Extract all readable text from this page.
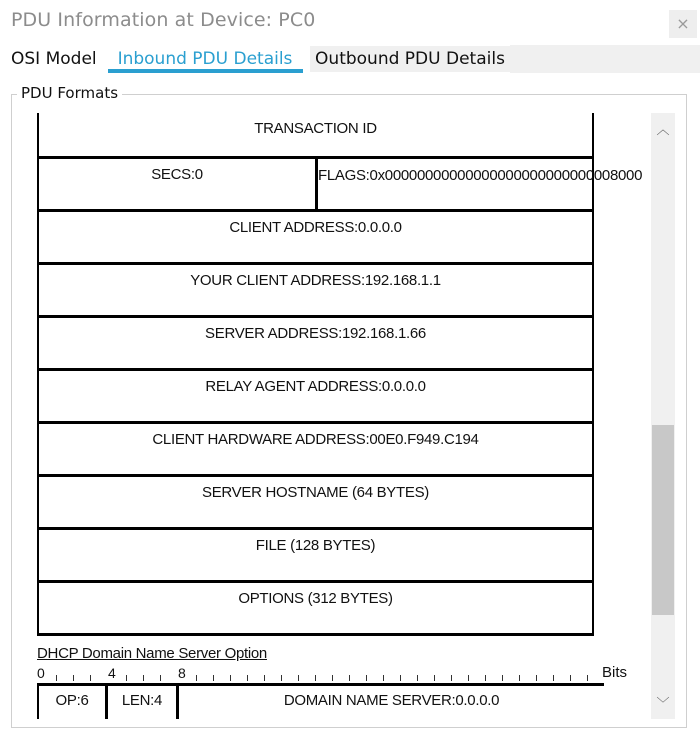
PDU Information at Device: PC0	×
OSI Model	Inbound PDU Details	Outbound PDU Details
PDU Formats
TRANSACTION ID
SECS:0	FLAGS:0x00000000000000000000000000008000
CLIENT ADDRESS:0.0.0.0
YOUR CLIENT ADDRESS:192.168.1.1
SERVER ADDRESS:192.168.1.66
RELAY AGENT ADDRESS:0.0.0.0
CLIENT HARDWARE ADDRESS:00E0.F949.C194
SERVER HOSTNAME (64 BYTES)
FILE (128 BYTES)
OPTIONS (312 BYTES)
DHCP Domain Name Server Option
0	4	8	Bits
OP:6	LEN:4	DOMAIN NAME SERVER:0.0.0.0
︿
﹀
